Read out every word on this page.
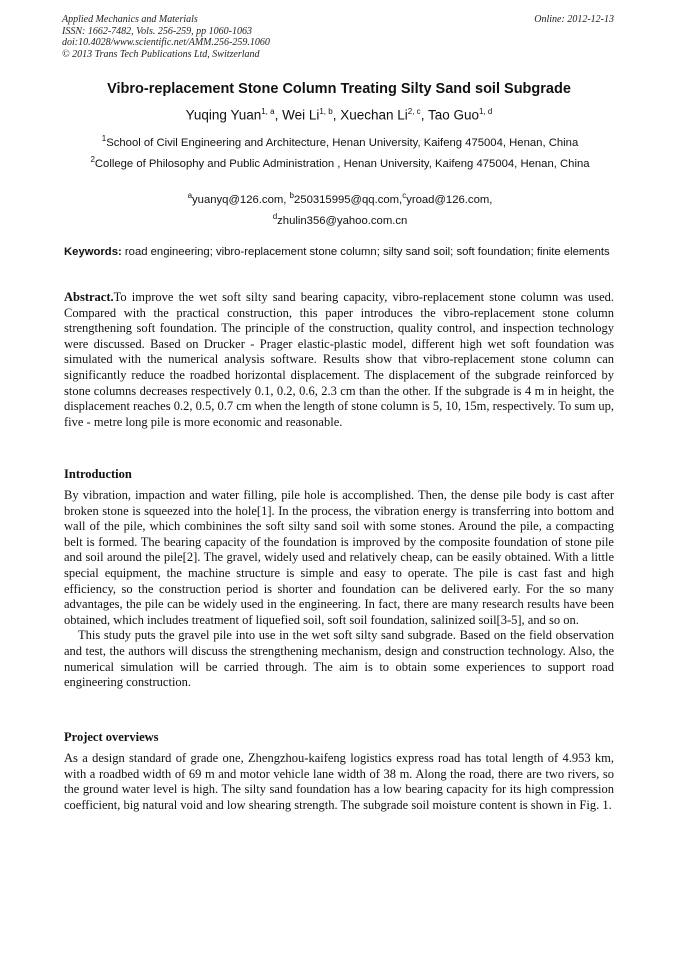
Applied Mechanics and Materials
ISSN: 1662-7482, Vols. 256-259, pp 1060-1063
doi:10.4028/www.scientific.net/AMM.256-259.1060
© 2013 Trans Tech Publications Ltd, Switzerland
Online: 2012-12-13
Vibro-replacement Stone Column Treating Silty Sand soil Subgrade
Yuqing Yuan$^{1, a}$, Wei Li$^{1, b}$, Xuechan Li$^{2, c}$, Tao Guo$^{1, d}$
$^1$School of Civil Engineering and Architecture, Henan University, Kaifeng 475004, Henan, China
$^2$College of Philosophy and Public Administration , Henan University, Kaifeng 475004, Henan, China
$^a$yuanyq@126.com, $^b$250315995@qq.com,$^c$yroad@126.com,
$^d$zhulin356@yahoo.com.cn
Keywords: road engineering; vibro-replacement stone column; silty sand soil; soft foundation; finite elements

Abstract.To improve the wet soft silty sand bearing capacity, vibro-replacement stone column was used. Compared with the practical construction, this paper introduces the vibro-replacement stone column strengthening soft foundation. The principle of the construction, quality control, and inspection technology were discussed. Based on Drucker - Prager elastic-plastic model, different high wet soft foundation was simulated with the numerical analysis software. Results show that vibro-replacement stone column can significantly reduce the roadbed horizontal displacement. The displacement of the subgrade reinforced by stone columns decreases respectively 0.1, 0.2, 0.6, 2.3 cm than the other. If the subgrade is 4 m in height, the displacement reaches 0.2, 0.5, 0.7 cm when the length of stone column is 5, 10, 15m, respectively. To sum up, five - metre long pile is more economic and reasonable.

Introduction

By vibration, impaction and water filling, pile hole is accomplished. Then, the dense pile body is cast after broken stone is squeezed into the hole[1]. In the process, the vibration energy is transferring into bottom and wall of the pile, which combinines the soft silty sand soil with some stones. Around the pile, a compacting belt is formed. The bearing capacity of the foundation is improved by the composite foundation of stone pile and soil around the pile[2]. The gravel, widely used and relatively cheap, can be easily obtained. With a little special equipment, the machine structure is simple and easy to operate. The pile is cast fast and high efficiency, so the construction period is shorter and foundation can be delivered early. For the so many advantages, the pile can be widely used in the engineering. In fact, there are many research results have been obtained, which includes treatment of liquefied soil, soft soil foundation, salinized soil[3-5], and so on.

This study puts the gravel pile into use in the wet soft silty sand subgrade. Based on the field observation and test, the authors will discuss the strengthening mechanism, design and construction technology. Also, the numerical simulation will be carried through. The aim is to obtain some experiences to support road engineering construction.

Project overviews

As a design standard of grade one, Zhengzhou-kaifeng logistics express road has total length of 4.953 km, with a roadbed width of 69 m and motor vehicle lane width of 38 m. Along the road, there are two rivers, so the ground water level is high. The silty sand foundation has a low bearing capacity for its high compression coefficient, big natural void and low shearing strength. The subgrade soil moisture content is shown in Fig. 1.
